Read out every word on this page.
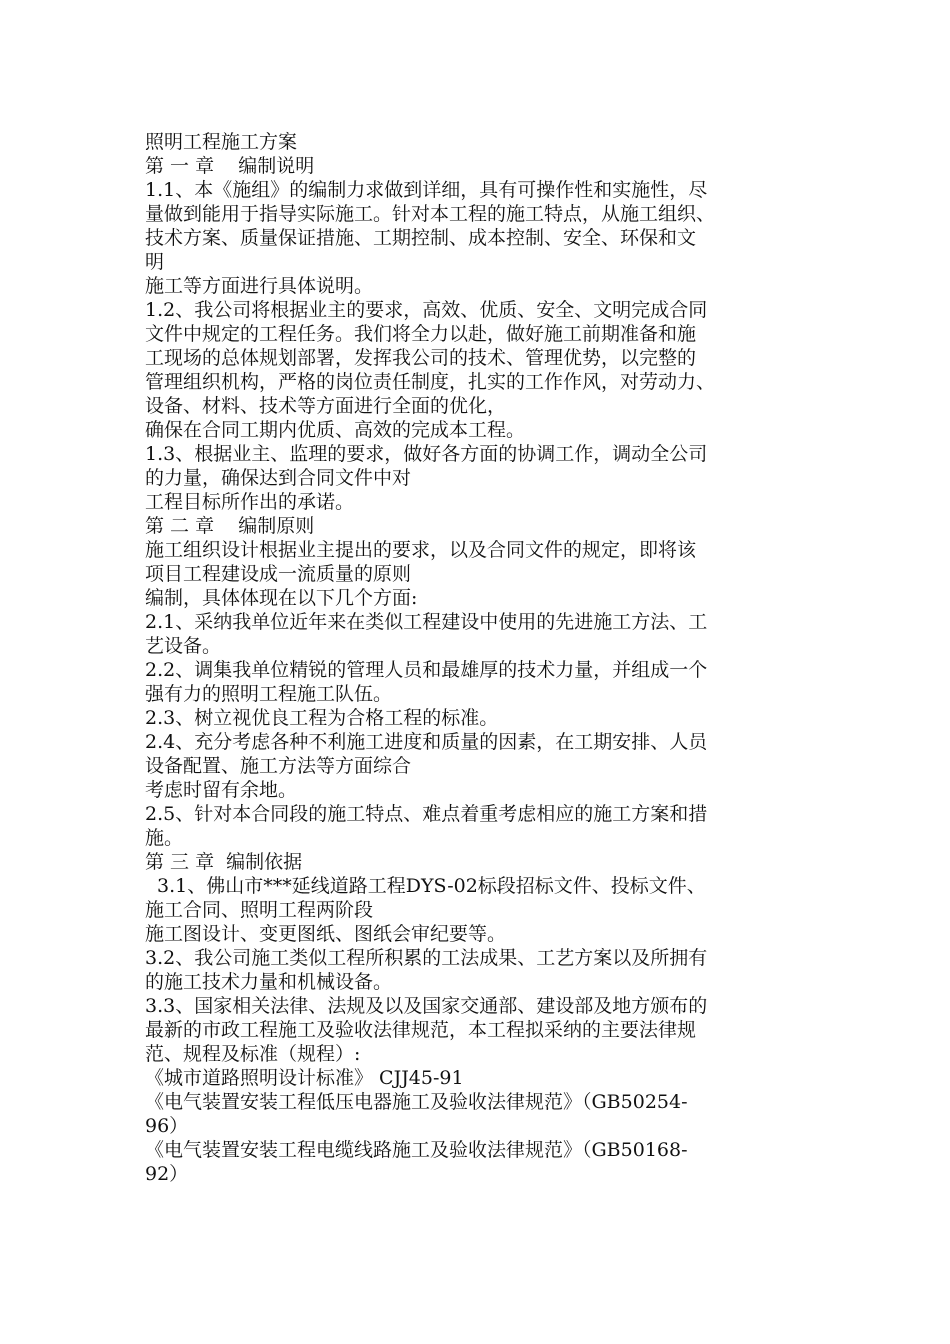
照明工程施工方案
第 一 章    编制说明
1.1、本《施组》的编制力求做到详细，具有可操作性和实施性，尽
量做到能用于指导实际施工。针对本工程的施工特点，从施工组织、
技术方案、质量保证措施、工期控制、成本控制、安全、环保和文
明
施工等方面进行具体说明。
1.2、我公司将根据业主的要求，高效、优质、安全、文明完成合同
文件中规定的工程任务。我们将全力以赴，做好施工前期准备和施
工现场的总体规划部署，发挥我公司的技术、管理优势，以完整的
管理组织机构，严格的岗位责任制度，扎实的工作作风，对劳动力、
设备、材料、技术等方面进行全面的优化，
确保在合同工期内优质、高效的完成本工程。
1.3、根据业主、监理的要求，做好各方面的协调工作，调动全公司
的力量，确保达到合同文件中对
工程目标所作出的承诺。
第 二 章    编制原则
施工组织设计根据业主提出的要求，以及合同文件的规定，即将该
项目工程建设成一流质量的原则
编制，具体体现在以下几个方面:
2.1、采纳我单位近年来在类似工程建设中使用的先进施工方法、工
艺设备。
2.2、调集我单位精锐的管理人员和最雄厚的技术力量，并组成一个
强有力的照明工程施工队伍。
2.3、树立视优良工程为合格工程的标准。
2.4、充分考虑各种不利施工进度和质量的因素，在工期安排、人员
设备配置、施工方法等方面综合
考虑时留有余地。
2.5、针对本合同段的施工特点、难点着重考虑相应的施工方案和措
施。
第 三 章  编制依据
3.1、佛山市***延线道路工程DYS-02标段招标文件、投标文件、
施工合同、照明工程两阶段
施工图设计、变更图纸、图纸会审纪要等。
3.2、我公司施工类似工程所积累的工法成果、工艺方案以及所拥有
的施工技术力量和机械设备。
3.3、国家相关法律、法规及以及国家交通部、建设部及地方颁布的
最新的市政工程施工及验收法律规范，本工程拟采纳的主要法律规
范、规程及标准（规程）:
《城市道路照明设计标准》 CJJ45-91
《电气装置安装工程低压电器施工及验收法律规范》（GB50254-
96）
《电气装置安装工程电缆线路施工及验收法律规范》（GB50168-
92）
